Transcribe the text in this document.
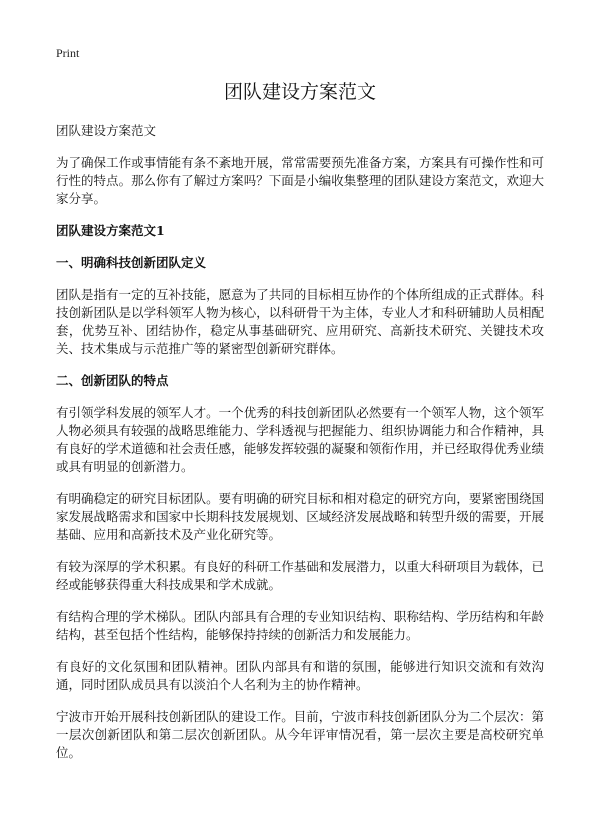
Print
团队建设方案范文
团队建设方案范文

为了确保工作或事情能有条不紊地开展，常常需要预先准备方案，方案具有可操作性和可行性的特点。那么你有了解过方案吗？下面是小编收集整理的团队建设方案范文，欢迎大家分享。

团队建设方案范文1
一、明确科技创新团队定义

团队是指有一定的互补技能，愿意为了共同的目标相互协作的个体所组成的正式群体。科技创新团队是以学科领军人物为核心，以科研骨干为主体，专业人才和科研辅助人员相配套，优势互补、团结协作，稳定从事基础研究、应用研究、高新技术研究、关键技术攻关、技术集成与示范推广等的紧密型创新研究群体。

二、创新团队的特点

有引领学科发展的领军人才。一个优秀的科技创新团队必然要有一个领军人物，这个领军人物必须具有较强的战略思维能力、学科透视与把握能力、组织协调能力和合作精神，具有良好的学术道德和社会责任感，能够发挥较强的凝聚和领衔作用，并已经取得优秀业绩或具有明显的创新潜力。

有明确稳定的研究目标团队。要有明确的研究目标和相对稳定的研究方向，要紧密围绕国家发展战略需求和国家中长期科技发展规划、区域经济发展战略和转型升级的需要，开展基础、应用和高新技术及产业化研究等。

有较为深厚的学术积累。有良好的科研工作基础和发展潜力，以重大科研项目为载体，已经或能够获得重大科技成果和学术成就。

有结构合理的学术梯队。团队内部具有合理的专业知识结构、职称结构、学历结构和年龄结构，甚至包括个性结构，能够保持持续的创新活力和发展能力。

有良好的文化氛围和团队精神。团队内部具有和谐的氛围，能够进行知识交流和有效沟通，同时团队成员具有以淡泊个人名利为主的协作精神。

宁波市开始开展科技创新团队的建设工作。目前，宁波市科技创新团队分为二个层次：第一层次创新团队和第二层次创新团队。从今年评审情况看，第一层次主要是高校研究单位。
